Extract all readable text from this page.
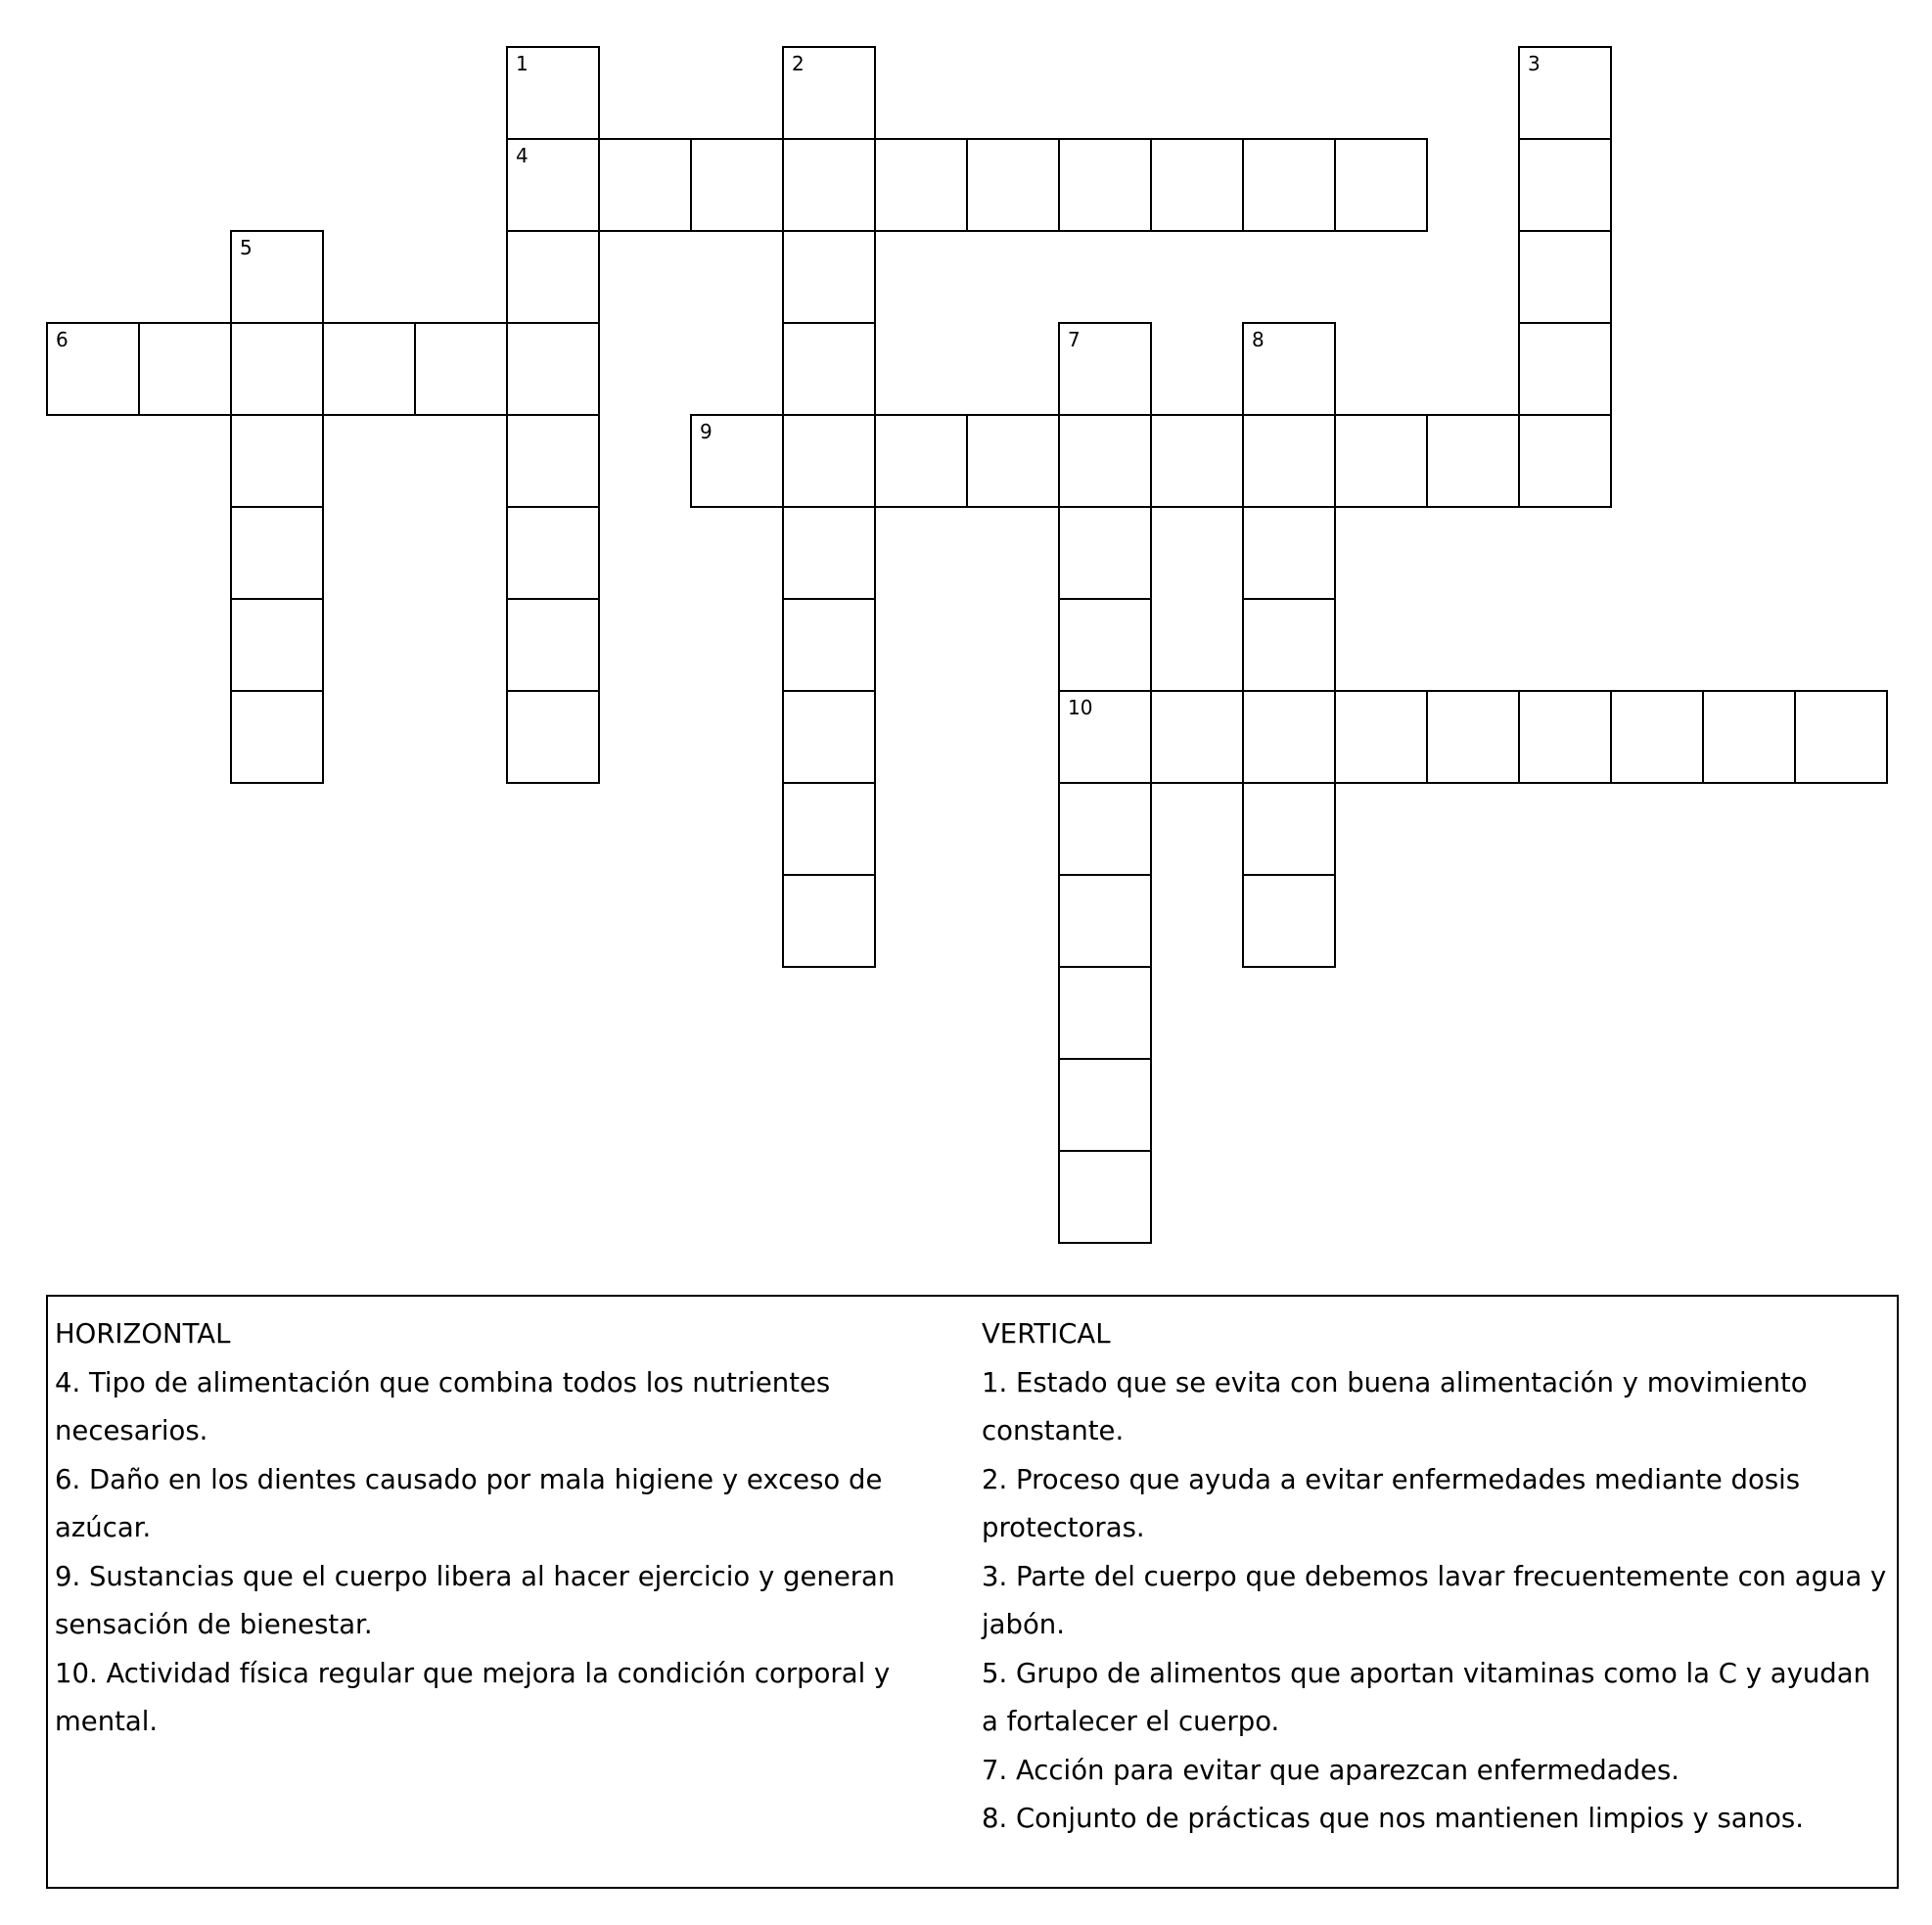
1
4
2	3
5
6	7
10
8
9

HORIZONTAL

4. Tipo de alimentación que combina todos los nutrientes necesarios.

6. Daño en los dientes causado por mala higiene y exceso de azúcar.

9. Sustancias que el cuerpo libera al hacer ejercicio y generan sensación de bienestar.

10. Actividad física regular que mejora la condición corporal y mental.

VERTICAL

1. Estado que se evita con buena alimentación y movimiento constante.

2. Proceso que ayuda a evitar enfermedades mediante dosis protectoras.

3. Parte del cuerpo que debemos lavar frecuentemente con agua y jabón.

5. Grupo de alimentos que aportan vitaminas como la C y ayudan a fortalecer el cuerpo.

7. Acción para evitar que aparezcan enfermedades.

8. Conjunto de prácticas que nos mantienen limpios y sanos.
